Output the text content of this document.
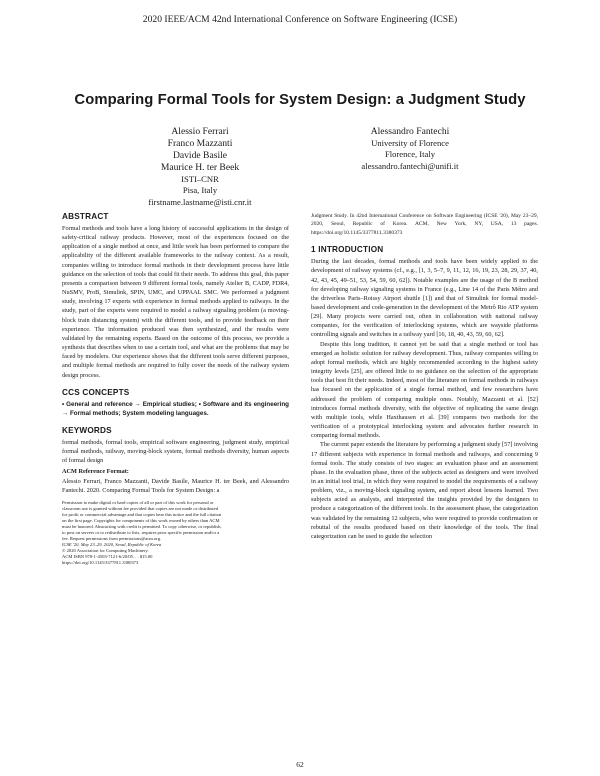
2020 IEEE/ACM 42nd International Conference on Software Engineering (ICSE)
Comparing Formal Tools for System Design: a Judgment Study
Alessio Ferrari
Franco Mazzanti
Davide Basile
Maurice H. ter Beek
ISTI–CNR
Pisa, Italy
firstname.lastname@isti.cnr.it
Alessandro Fantechi
University of Florence
Florence, Italy
alessandro.fantechi@unifi.it
ABSTRACT

Formal methods and tools have a long history of successful applications in the design of safety-critical railway products. However, most of the experiences focused on the application of a single method at once, and little work has been performed to compare the applicability of the different available frameworks to the railway context. As a result, companies willing to introduce formal methods in their development process have little guidance on the selection of tools that could fit their needs. To address this goal, this paper presents a comparison between 9 different formal tools, namely Atelier B, CADP, FDR4, NuSMV, ProB, Simulink, SPIN, UMC, and UPPAAL SMC. We performed a judgment study, involving 17 experts with experience in formal methods applied to railways. In the study, part of the experts were required to model a railway signaling problem (a moving-block train distancing system) with the different tools, and to provide feedback on their experience. The information produced was then synthesized, and the results were validated by the remaining experts. Based on the outcome of this process, we provide a synthesis that describes when to use a certain tool, and what are the problems that may be faced by modelers. Our experience shows that the different tools serve different purposes, and multiple formal methods are required to fully cover the needs of the railway system design process.

CCS CONCEPTS

• General and reference → Empirical studies; • Software and its engineering → Formal methods; System modeling languages.

KEYWORDS

formal methods, formal tools, empirical software engineering, judgment study, empirical formal methods, railway, moving-block system, formal methods diversity, human aspects of formal design

ACM Reference Format:

Alessio Ferrari, Franco Mazzanti, Davide Basile, Maurice H. ter Beek, and Alessandro Fantechi. 2020. Comparing Formal Tools for System Design: a

Permission to make digital or hard copies of all or part of this work for personal or

classroom use is granted without fee provided that copies are not made or distributed

for profit or commercial advantage and that copies bear this notice and the full citation

on the first page. Copyrights for components of this work owned by others than ACM

must be honored. Abstracting with credit is permitted. To copy otherwise, or republish,

to post on servers or to redistribute to lists, requires prior specific permission and/or a

fee. Request permissions from permissions@acm.org.

ICSE '20, May 23–29, 2020, Seoul, Republic of Korea

© 2020 Association for Computing Machinery.

ACM ISBN 978-1-4503-7121-6/20/05. . . $15.00

https://doi.org/10.1145/3377811.3380373

Judgment Study. In 42nd International Conference on Software Engineering (ICSE '20), May 23–29, 2020, Seoul, Republic of Korea. ACM, New York, NY, USA, 13 pages. https://doi.org/10.1145/3377811.3380373

1 INTRODUCTION

During the last decades, formal methods and tools have been widely applied to the development of railway systems (cf., e.g., [1, 3, 5–7, 9, 11, 12, 16, 19, 23, 28, 29, 37, 40, 42, 43, 45, 49–51, 53, 54, 59, 60, 62]). Notable examples are the usage of the B method for developing railway signaling systems in France (e.g., Line 14 of the Paris Métro and the driverless Paris–Roissy Airport shuttle [1]) and that of Simulink for formal model-based development and code-generation in the development of the Metrô Rio ATP system [29]. Many projects were carried out, often in collaboration with national railway companies, for the verification of interlocking systems, which are wayside platforms controlling signals and switches in a railway yard [16, 18, 40, 43, 59, 60, 62].

Despite this long tradition, it cannot yet be said that a single method or tool has emerged as holistic solution for railway development. Thus, railway companies willing to adopt formal methods, which are highly recommended according to the highest safety integrity levels [25], are offered little to no guidance on the selection of the appropriate tools that best fit their needs. Indeed, most of the literature on formal methods in railways has focused on the application of a single formal method, and few researchers have addressed the problem of comparing multiple ones. Notably, Mazzanti et al. [52] introduces formal methods diversity, with the objective of replicating the same design with multiple tools, while Haxthausen et al. [39] compares two methods for the verification of a prototypical interlocking system and advocates further research in comparing formal methods.

The current paper extends the literature by performing a judgment study [57] involving 17 different subjects with experience in formal methods and railways, and concerning 9 formal tools. The study consists of two stages: an evaluation phase and an assessment phase. In the evaluation phase, three of the subjects acted as designers and were involved in an initial tool trial, in which they were required to model the requirements of a railway problem, viz., a moving-block signaling system, and report about lessons learned. Two subjects acted as analysts, and interpreted the insights provided by the designers to produce a categorization of the different tools. In the assessment phase, the categorization was validated by the remaining 12 subjects, who were required to provide confirmation or rebuttal of the results produced based on their knowledge of the tools. The final categorization can be used to guide the selection

62
